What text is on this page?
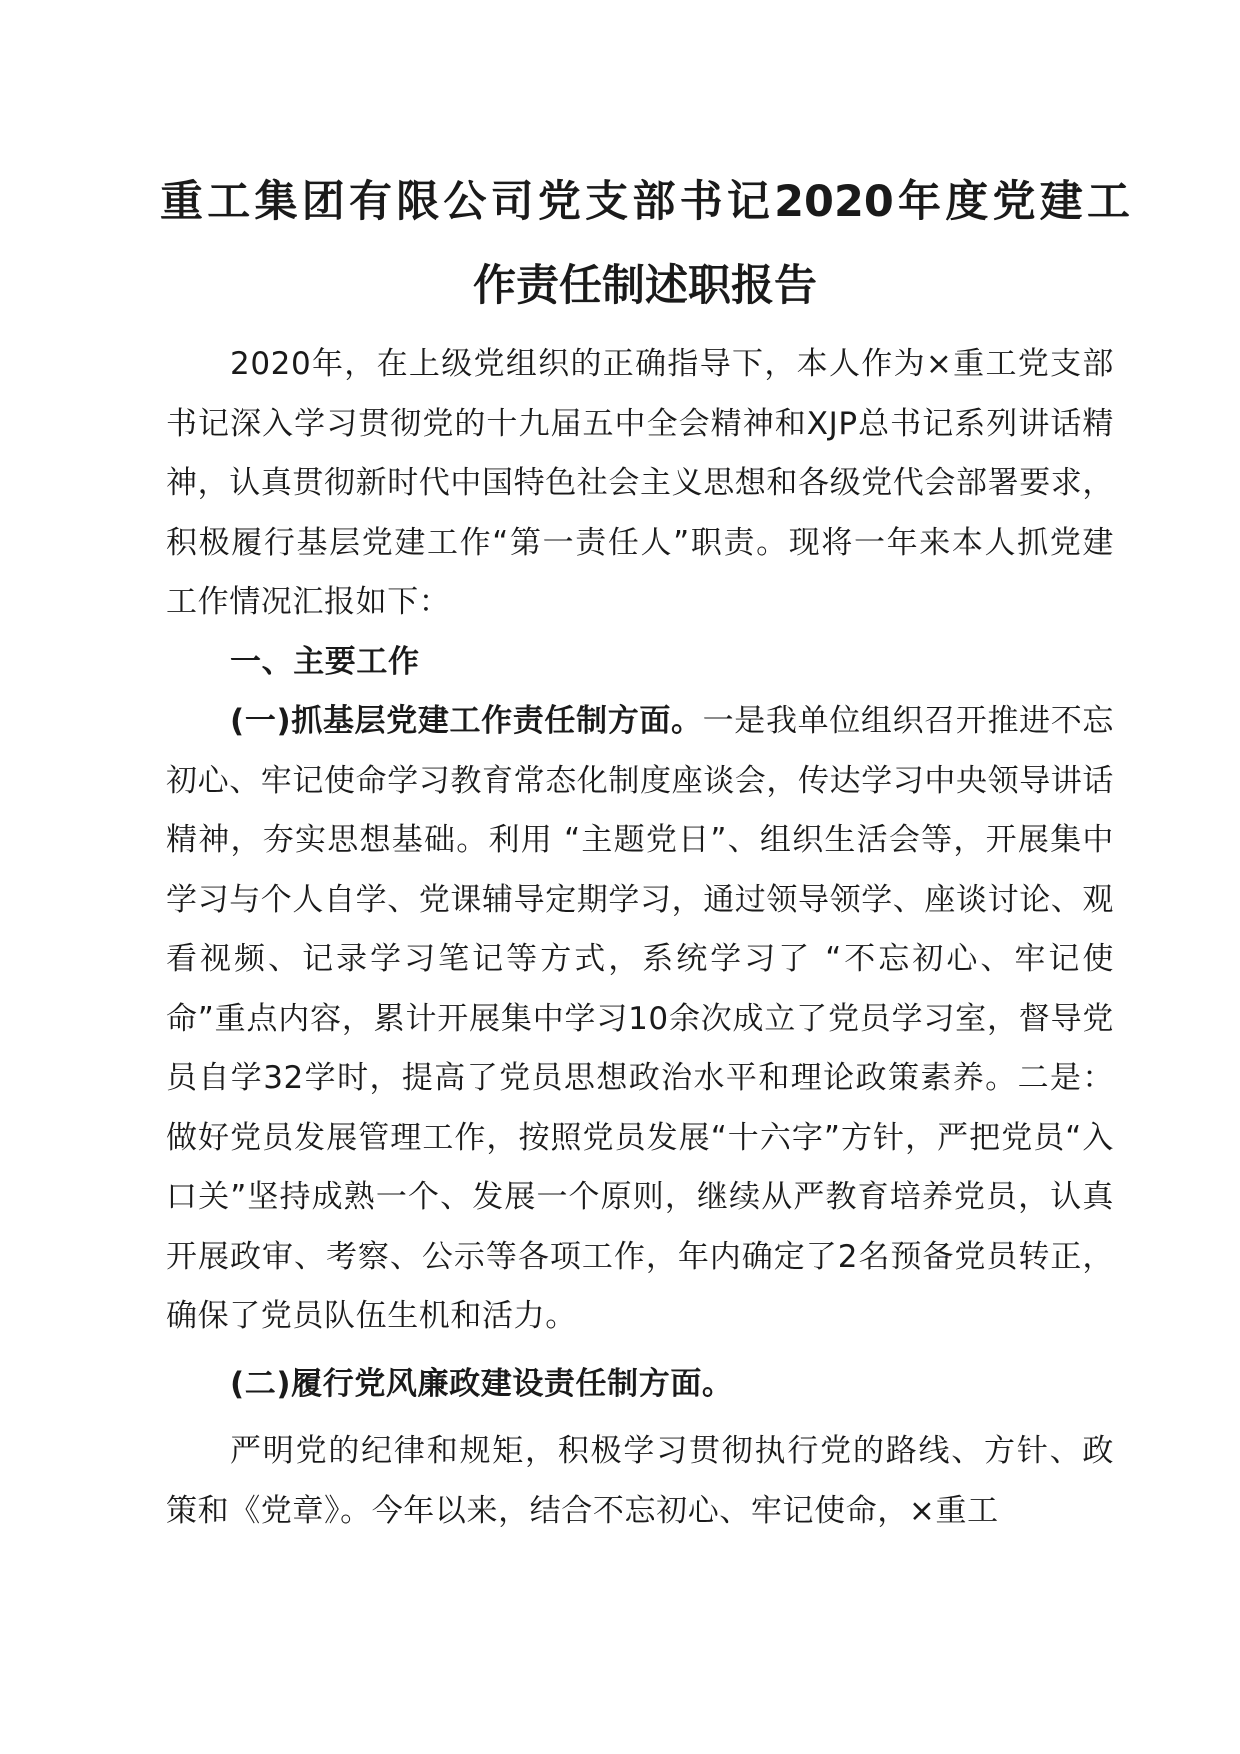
重工集团有限公司党支部书记2020年度党建工
作责任制述职报告

2020年，在上级党组织的正确指导下，本人作为×重工党支部书记深入学习贯彻党的十九届五中全会精神和XJP总书记系列讲话精神，认真贯彻新时代中国特色社会主义思想和各级党代会部署要求，积极履行基层党建工作“第一责任人”职责。现将一年来本人抓党建工作情况汇报如下：

一、主要工作

(一)抓基层党建工作责任制方面。一是我单位组织召开推进不忘初心、牢记使命学习教育常态化制度座谈会，传达学习中央领导讲话精神，夯实思想基础。利用 “主题党日”、组织生活会等，开展集中学习与个人自学、党课辅导定期学习，通过领导领学、座谈讨论、观看视频、记录学习笔记等方式，系统学习了 “不忘初心、牢记使命”重点内容，累计开展集中学习10余次成立了党员学习室，督导党员自学32学时，提高了党员思想政治水平和理论政策素养。二是：做好党员发展管理工作，按照党员发展“十六字”方针，严把党员“入口关”坚持成熟一个、发展一个原则，继续从严教育培养党员，认真开展政审、考察、公示等各项工作，年内确定了2名预备党员转正，确保了党员队伍生机和活力。

(二)履行党风廉政建设责任制方面。

严明党的纪律和规矩，积极学习贯彻执行党的路线、方针、政策和《党章》。今年以来，结合不忘初心、牢记使命，×重工
